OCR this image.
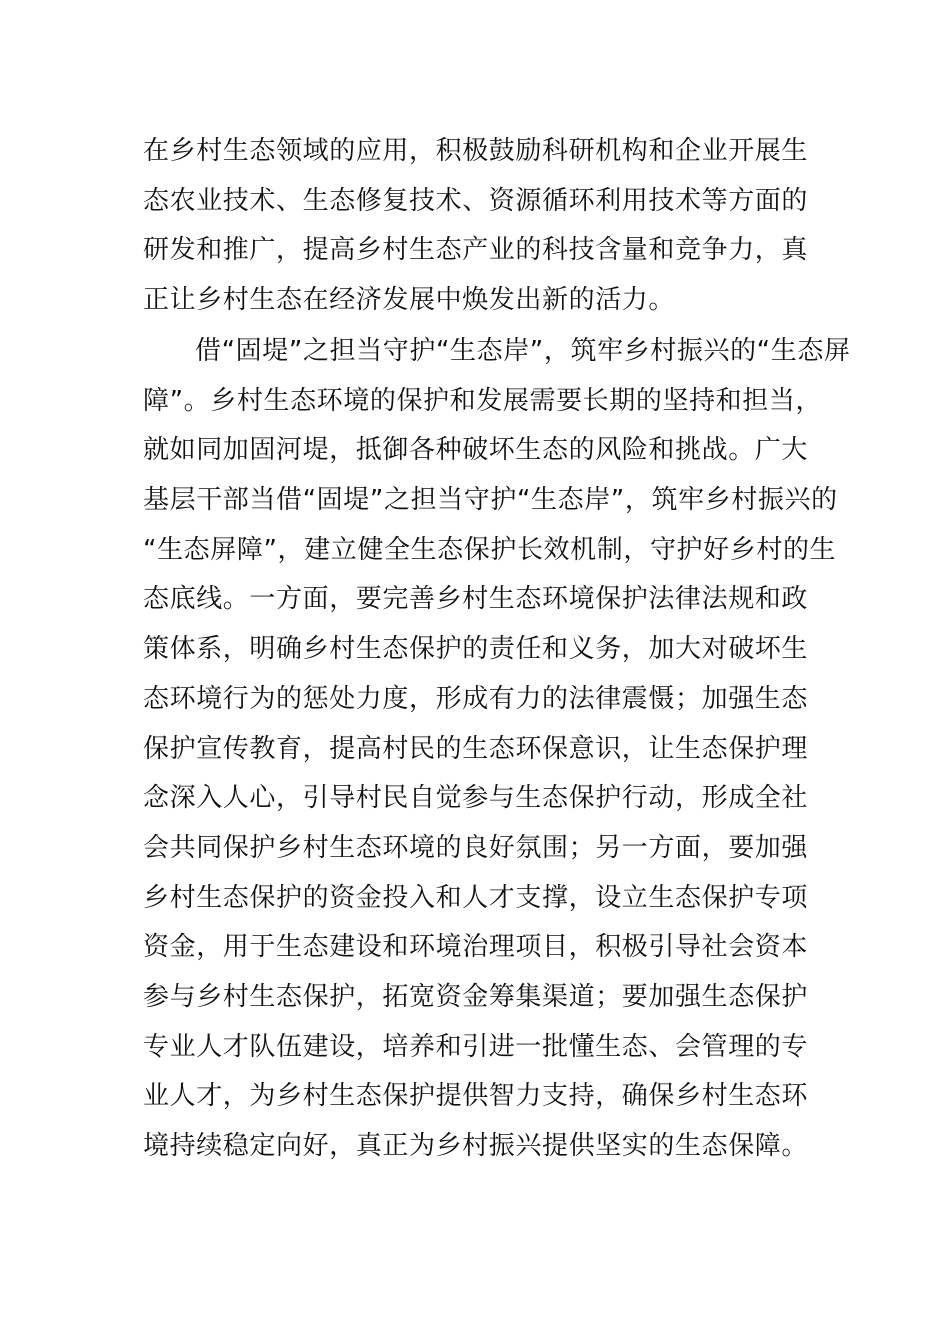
在乡村生态领域的应用，积极鼓励科研机构和企业开展生
态农业技术、生态修复技术、资源循环利用技术等方面的
研发和推广，提高乡村生态产业的科技含量和竞争力，真
正让乡村生态在经济发展中焕发出新的活力。
借“固堤”之担当守护“生态岸”，筑牢乡村振兴的“生态屏
障”。乡村生态环境的保护和发展需要长期的坚持和担当，
就如同加固河堤，抵御各种破坏生态的风险和挑战。广大
基层干部当借“固堤”之担当守护“生态岸”，筑牢乡村振兴的
“生态屏障”，建立健全生态保护长效机制，守护好乡村的生
态底线。一方面，要完善乡村生态环境保护法律法规和政
策体系，明确乡村生态保护的责任和义务，加大对破坏生
态环境行为的惩处力度，形成有力的法律震慑；加强生态
保护宣传教育，提高村民的生态环保意识，让生态保护理
念深入人心，引导村民自觉参与生态保护行动，形成全社
会共同保护乡村生态环境的良好氛围；另一方面，要加强
乡村生态保护的资金投入和人才支撑，设立生态保护专项
资金，用于生态建设和环境治理项目，积极引导社会资本
参与乡村生态保护，拓宽资金筹集渠道；要加强生态保护
专业人才队伍建设，培养和引进一批懂生态、会管理的专
业人才，为乡村生态保护提供智力支持，确保乡村生态环
境持续稳定向好，真正为乡村振兴提供坚实的生态保障。
